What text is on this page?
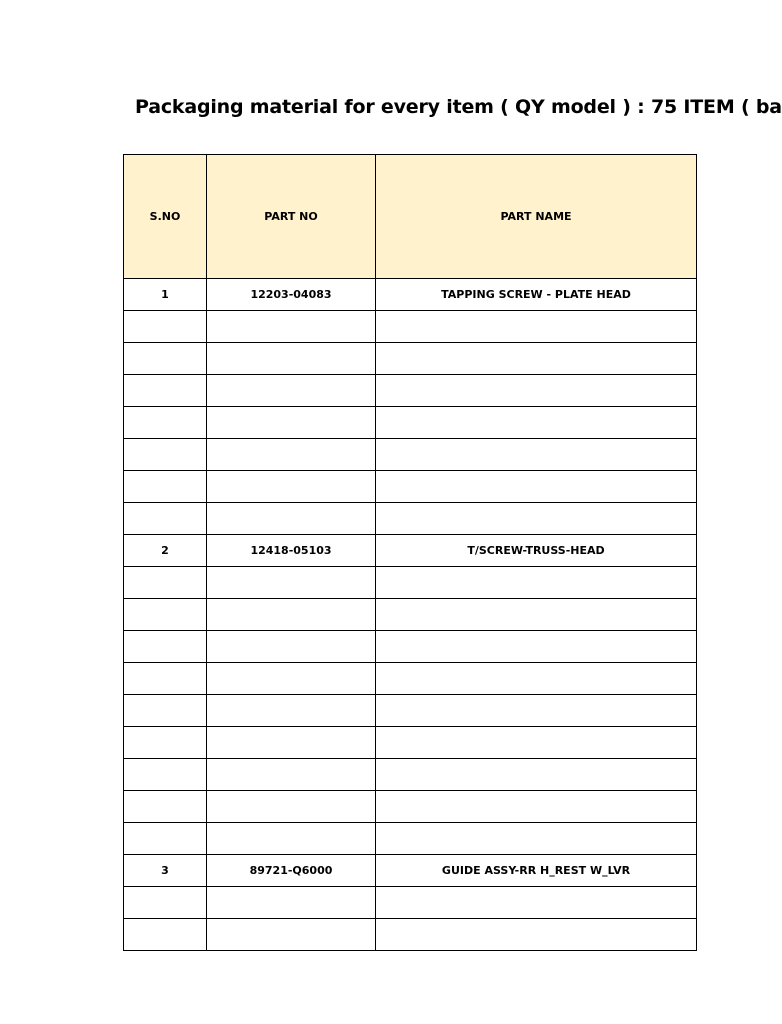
Packaging material for every item ( QY model ) : 75 ITEM ( ba
S.NO	PART NO	PART NAME
1	12203-04083	TAPPING SCREW - PLATE HEAD

2	12418-05103	T/SCREW-TRUSS-HEAD

3	89721-Q6000	GUIDE ASSY-RR H_REST W_LVR
